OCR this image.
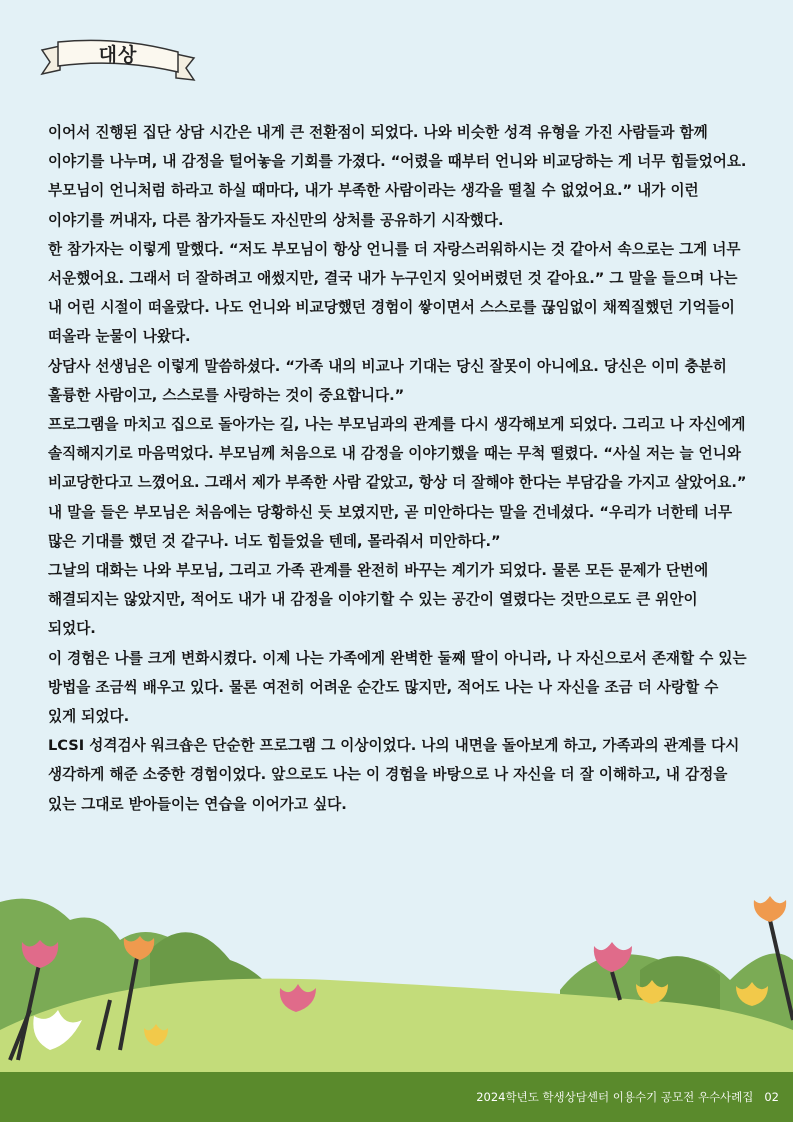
대상

이어서 진행된 집단 상담 시간은 내게 큰 전환점이 되었다. 나와 비슷한 성격 유형을 가진 사람들과 함께 이야기를 나누며, 내 감정을 털어놓을 기회를 가졌다. “어렸을 때부터 언니와 비교당하는 게 너무 힘들었어요. 부모님이 언니처럼 하라고 하실 때마다, 내가 부족한 사람이라는 생각을 떨칠 수 없었어요.” 내가 이런 이야기를 꺼내자, 다른 참가자들도 자신만의 상처를 공유하기 시작했다.

한 참가자는 이렇게 말했다. “저도 부모님이 항상 언니를 더 자랑스러워하시는 것 같아서 속으로는 그게 너무 서운했어요. 그래서 더 잘하려고 애썼지만, 결국 내가 누구인지 잊어버렸던 것 같아요.” 그 말을 들으며 나는 내 어린 시절이 떠올랐다. 나도 언니와 비교당했던 경험이 쌓이면서 스스로를 끊임없이 채찍질했던 기억들이 떠올라 눈물이 나왔다.

상담사 선생님은 이렇게 말씀하셨다. “가족 내의 비교나 기대는 당신 잘못이 아니에요. 당신은 이미 충분히 훌륭한 사람이고, 스스로를 사랑하는 것이 중요합니다.”

프로그램을 마치고 집으로 돌아가는 길, 나는 부모님과의 관계를 다시 생각해보게 되었다. 그리고 나 자신에게 솔직해지기로 마음먹었다. 부모님께 처음으로 내 감정을 이야기했을 때는 무척 떨렸다. “사실 저는 늘 언니와 비교당한다고 느꼈어요. 그래서 제가 부족한 사람 같았고, 항상 더 잘해야 한다는 부담감을 가지고 살았어요.” 내 말을 들은 부모님은 처음에는 당황하신 듯 보였지만, 곧 미안하다는 말을 건네셨다. “우리가 너한테 너무 많은 기대를 했던 것 같구나. 너도 힘들었을 텐데, 몰라줘서 미안하다.”

그날의 대화는 나와 부모님, 그리고 가족 관계를 완전히 바꾸는 계기가 되었다. 물론 모든 문제가 단번에 해결되지는 않았지만, 적어도 내가 내 감정을 이야기할 수 있는 공간이 열렸다는 것만으로도 큰 위안이 되었다.

이 경험은 나를 크게 변화시켰다. 이제 나는 가족에게 완벽한 둘째 딸이 아니라, 나 자신으로서 존재할 수 있는 방법을 조금씩 배우고 있다. 물론 여전히 어려운 순간도 많지만, 적어도 나는 나 자신을 조금 더 사랑할 수 있게 되었다.

LCSI 성격검사 워크숍은 단순한 프로그램 그 이상이었다. 나의 내면을 돌아보게 하고, 가족과의 관계를 다시 생각하게 해준 소중한 경험이었다. 앞으로도 나는 이 경험을 바탕으로 나 자신을 더 잘 이해하고, 내 감정을 있는 그대로 받아들이는 연습을 이어가고 싶다.

2024학년도 학생상담센터 이용수기 공모전 우수사례집 02
